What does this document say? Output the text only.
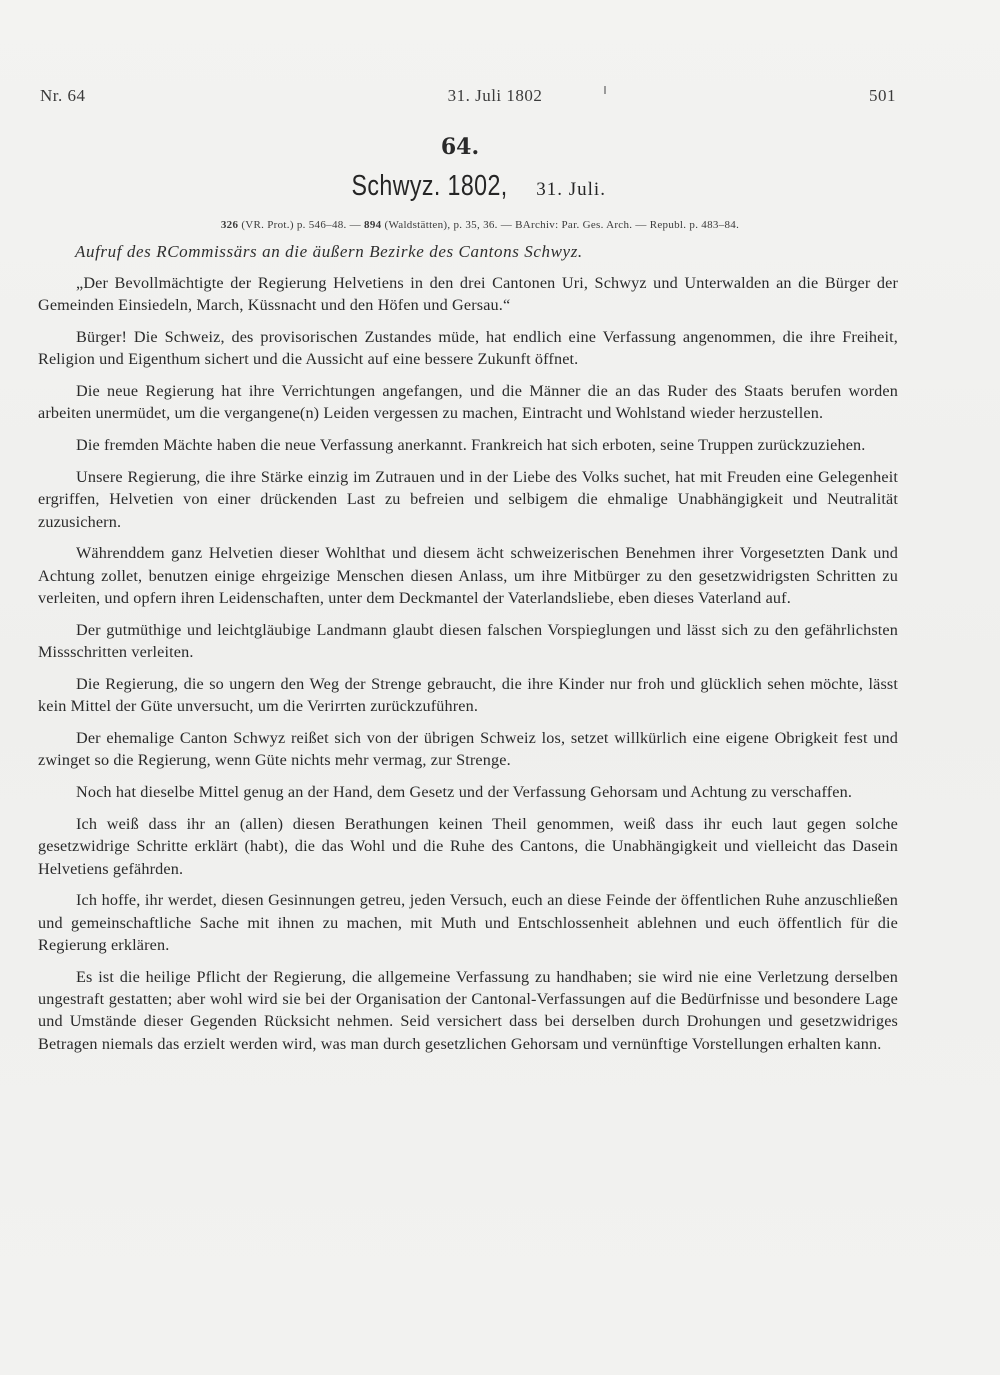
Nr. 64	31. Juli 1802	501
64.
Schwyz. 1802, 31. Juli.
326 (VR. Prot.) p. 546–48. — 894 (Waldstätten), p. 35, 36. — BArchiv: Par. Ges. Arch. — Republ. p. 483–84.
Aufruf des RCommissärs an die äußern Bezirke des Cantons Schwyz.

„Der Bevollmächtigte der Regierung Helvetiens in den drei Cantonen Uri, Schwyz und Unterwalden an die Bürger der Gemeinden Einsiedeln, March, Küssnacht und den Höfen und Gersau.“

Bürger! Die Schweiz, des provisorischen Zustandes müde, hat endlich eine Verfassung angenommen, die ihre Freiheit, Religion und Eigenthum sichert und die Aussicht auf eine bessere Zukunft öffnet.

Die neue Regierung hat ihre Verrichtungen angefangen, und die Männer die an das Ruder des Staats berufen worden arbeiten unermüdet, um die vergangene(n) Leiden vergessen zu machen, Eintracht und Wohlstand wieder herzustellen.

Die fremden Mächte haben die neue Verfassung anerkannt. Frankreich hat sich erboten, seine Truppen zurückzuziehen.

Unsere Regierung, die ihre Stärke einzig im Zutrauen und in der Liebe des Volks suchet, hat mit Freuden eine Gelegenheit ergriffen, Helvetien von einer drückenden Last zu befreien und selbigem die ehmalige Unabhängigkeit und Neutralität zuzusichern.

Währenddem ganz Helvetien dieser Wohlthat und diesem ächt schweizerischen Benehmen ihrer Vorgesetzten Dank und Achtung zollet, benutzen einige ehrgeizige Menschen diesen Anlass, um ihre Mitbürger zu den gesetzwidrigsten Schritten zu verleiten, und opfern ihren Leidenschaften, unter dem Deckmantel der Vaterlandsliebe, eben dieses Vaterland auf.

Der gutmüthige und leichtgläubige Landmann glaubt diesen falschen Vorspieglungen und lässt sich zu den gefährlichsten Missschritten verleiten.

Die Regierung, die so ungern den Weg der Strenge gebraucht, die ihre Kinder nur froh und glücklich sehen möchte, lässt kein Mittel der Güte unversucht, um die Verirrten zurückzuführen.

Der ehemalige Canton Schwyz reißet sich von der übrigen Schweiz los, setzet willkürlich eine eigene Obrigkeit fest und zwinget so die Regierung, wenn Güte nichts mehr vermag, zur Strenge.

Noch hat dieselbe Mittel genug an der Hand, dem Gesetz und der Verfassung Gehorsam und Achtung zu verschaffen.

Ich weiß dass ihr an (allen) diesen Berathungen keinen Theil genommen, weiß dass ihr euch laut gegen solche gesetzwidrige Schritte erklärt (habt), die das Wohl und die Ruhe des Cantons, die Unabhängigkeit und vielleicht das Dasein Helvetiens gefährden.

Ich hoffe, ihr werdet, diesen Gesinnungen getreu, jeden Versuch, euch an diese Feinde der öffentlichen Ruhe anzuschließen und gemeinschaftliche Sache mit ihnen zu machen, mit Muth und Entschlossenheit ablehnen und euch öffentlich für die Regierung erklären.

Es ist die heilige Pflicht der Regierung, die allgemeine Verfassung zu handhaben; sie wird nie eine Verletzung derselben ungestraft gestatten; aber wohl wird sie bei der Organisation der Cantonal-Verfassungen auf die Bedürfnisse und besondere Lage und Umstände dieser Gegenden Rücksicht nehmen. Seid versichert dass bei derselben durch Drohungen und gesetzwidriges Betragen niemals das erzielt werden wird, was man durch gesetzlichen Gehorsam und vernünftige Vorstellungen erhalten kann.
